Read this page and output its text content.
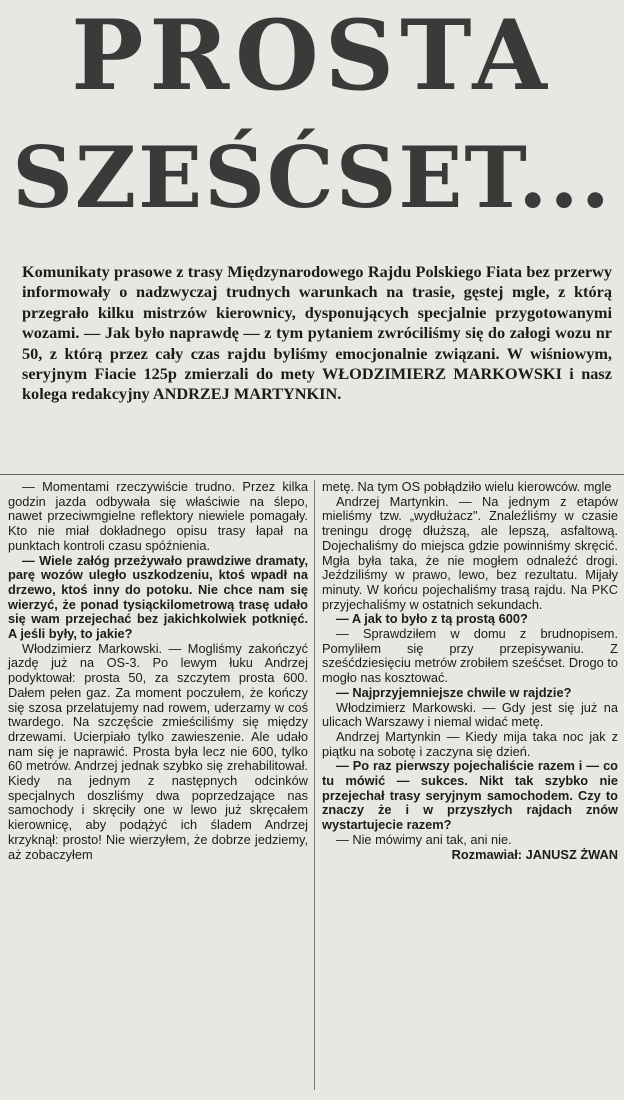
PROSTA
SZEŚĆSET...

Komunikaty prasowe z trasy Międzynarodowego Rajdu Polskiego Fiata bez przerwy informowały o nadzwyczaj trudnych warunkach na trasie, gęstej mgle, z którą przegrało kilku mistrzów kierownicy, dysponujących specjalnie przygotowanymi wozami. — Jak było naprawdę — z tym pytaniem zwróciliśmy się do załogi wozu nr 50, z którą przez cały czas rajdu byliśmy emocjonalnie związani. W wiśniowym, seryjnym Fiacie 125p zmierzali do mety WŁODZIMIERZ MARKOWSKI i nasz kolega redakcyjny ANDRZEJ MARTYNKIN.

— Momentami rzeczywiście trudno. Przez kilka godzin jazda odbywała się właściwie na ślepo, nawet przeciwmgielne reflektory niewiele pomagały. Kto nie miał dokładnego opisu trasy łapał na punktach kontroli czasu spóźnienia.

— Wiele załóg przeżywało prawdziwe dramaty, parę wozów uległo uszkodzeniu, ktoś wpadł na drzewo, ktoś inny do potoku. Nie chce nam się wierzyć, że ponad tysiąckilometrową trasę udało się wam przejechać bez jakichkolwiek potknięć. A jeśli były, to jakie?

Włodzimierz Markowski. — Mogliśmy zakończyć jazdę już na OS-3. Po lewym łuku Andrzej podyktował: prosta 50, za szczytem prosta 600. Dałem pełen gaz. Za moment poczułem, że kończy się szosa przelatujemy nad rowem, uderzamy w coś twardego. Na szczęście zmieściliśmy się między drzewami. Ucierpiało tylko zawieszenie. Ale udało nam się je naprawić. Prosta była lecz nie 600, tylko 60 metrów. Andrzej jednak szybko się zrehabilitował. Kiedy na jednym z następnych odcinków specjalnych doszliśmy dwa poprzedzające nas samochody i skręciły one w lewo już skręcałem kierownicę, aby podążyć ich śladem Andrzej krzyknął: prosto! Nie wierzyłem, że dobrze jedziemy, aż zobaczyłem

metę. Na tym OS pobłądziło wielu kierowców. mgle

Andrzej Martynkin. — Na jednym z etapów mieliśmy tzw. „wydłużacz". Znaleźliśmy w czasie treningu drogę dłuższą, ale lepszą, asfaltową. Dojechaliśmy do miejsca gdzie powinniśmy skręcić. Mgła była taka, że nie mogłem odnaleźć drogi. Jeździliśmy w prawo, lewo, bez rezultatu. Mijały minuty. W końcu pojechaliśmy trasą rajdu. Na PKC przyjechaliśmy w ostatnich sekundach.

— A jak to było z tą prostą 600?

— Sprawdziłem w domu z brudnopisem. Pomyliłem się przy przepisywaniu. Z sześćdziesięciu metrów zrobiłem sześćset. Drogo to mogło nas kosztować.

— Najprzyjemniejsze chwile w rajdzie?

Włodzimierz Markowski. — Gdy jest się już na ulicach Warszawy i niemal widać metę.

Andrzej Martynkin — Kiedy mija taka noc jak z piątku na sobotę i zaczyna się dzień.

— Po raz pierwszy pojechaliście razem i — co tu mówić — sukces. Nikt tak szybko nie przejechał trasy seryjnym samochodem. Czy to znaczy że i w przyszłych rajdach znów wystartujecie razem?

— Nie mówimy ani tak, ani nie.

Rozmawiał: JANUSZ ŻWAN
